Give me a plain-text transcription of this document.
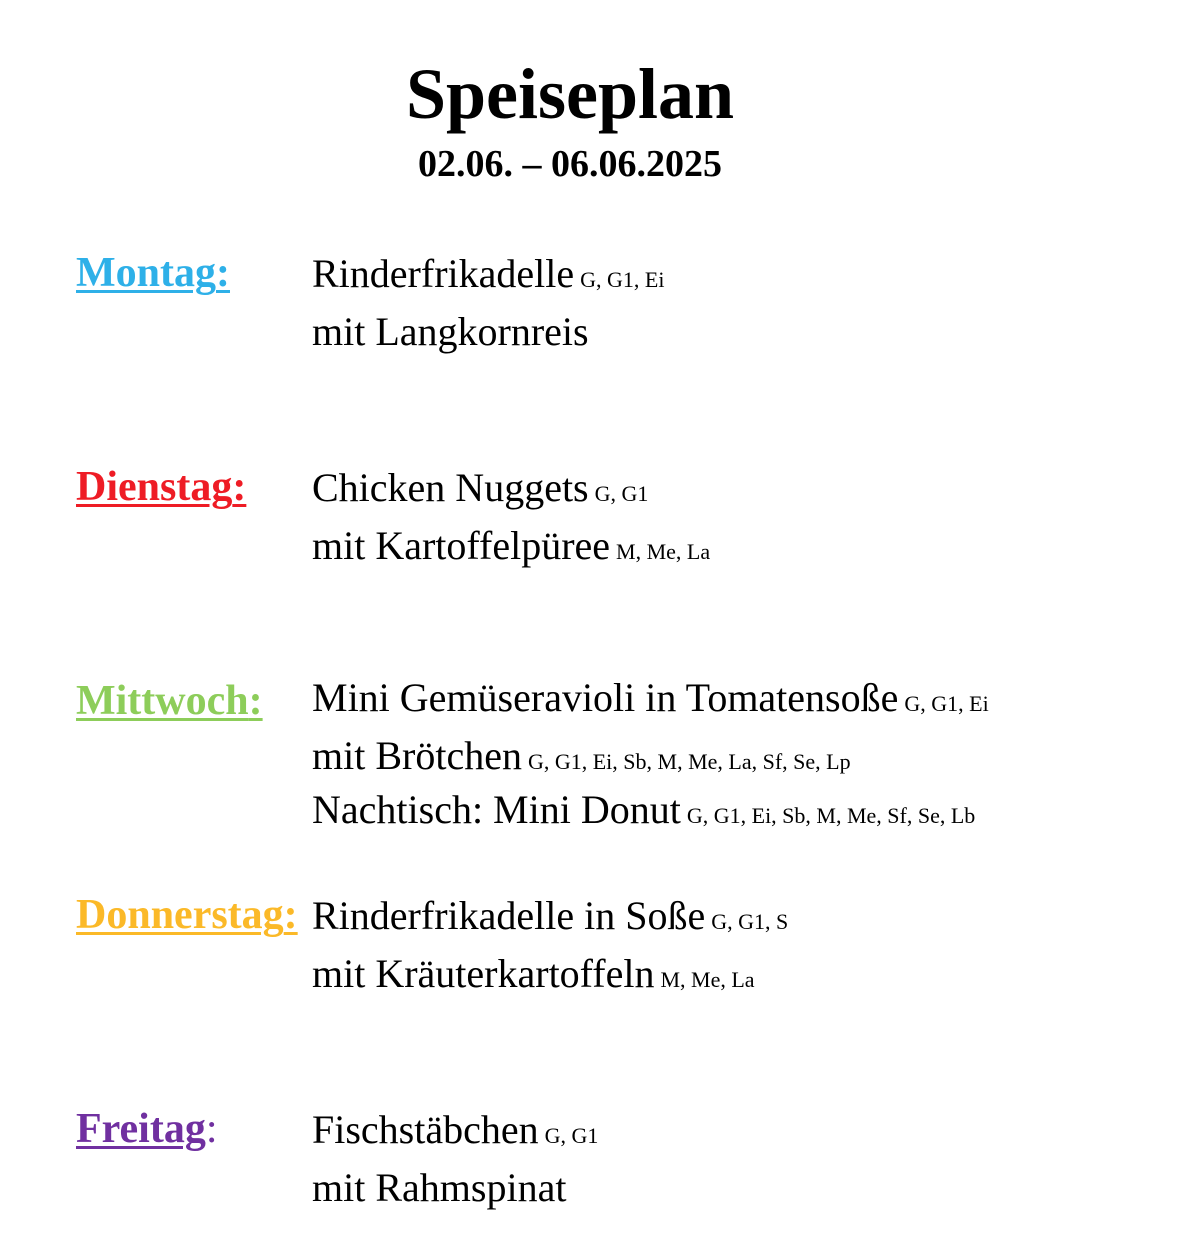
Speiseplan
02.06. – 06.06.2025
Montag: Rinderfrikadelle G, G1, Ei
mit Langkornreis
Dienstag: Chicken Nuggets G, G1
mit Kartoffelpüree M, Me, La
Mittwoch: Mini Gemüseravioli in Tomatensoße G, G1, Ei
mit Brötchen G, G1, Ei, Sb, M, Me, La, Sf, Se, Lp
Nachtisch: Mini Donut G, G1, Ei, Sb, M, Me, Sf, Se, Lb
Donnerstag: Rinderfrikadelle in Soße G, G1, S
mit Kräuterkartoffeln M, Me, La
Freitag: Fischstäbchen G, G1
mit Rahmspinat
